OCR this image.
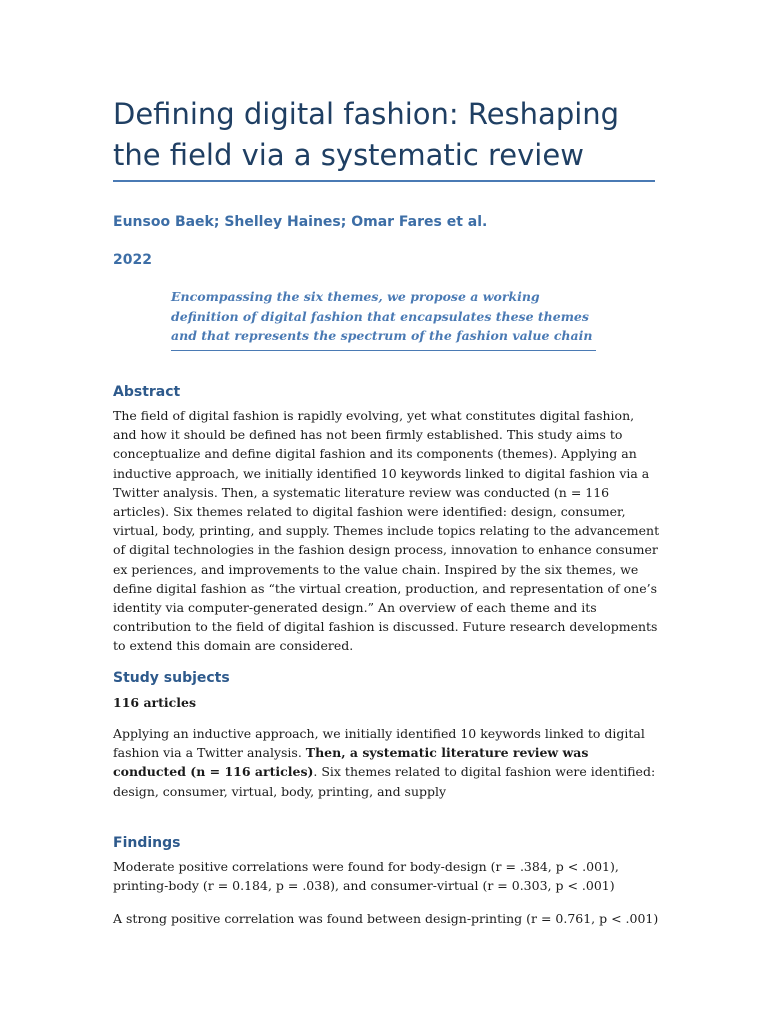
Defining digital fashion: Reshaping the field via a systematic review
Eunsoo Baek; Shelley Haines; Omar Fares et al.
2022
Encompassing the six themes, we propose a working definition of digital fashion that encapsulates these themes and that represents the spectrum of the fashion value chain
Abstract

The field of digital fashion is rapidly evolving, yet what constitutes digital fashion, and how it should be defined has not been firmly established. This study aims to conceptualize and define digital fashion and its components (themes). Applying an inductive approach, we initially identified 10 keywords linked to digital fashion via a Twitter analysis. Then, a systematic literature review was conducted (n = 116 articles). Six themes related to digital fashion were identified: design, consumer, virtual, body, printing, and supply. Themes include topics relating to the advancement of digital technologies in the fashion design process, innovation to enhance consumer ex periences, and improvements to the value chain. Inspired by the six themes, we define digital fashion as “the virtual creation, production, and representation of one’s identity via computer-generated design.” An overview of each theme and its contribution to the field of digital fashion is discussed. Future research developments to extend this domain are considered.

Study subjects

116 articles

Applying an inductive approach, we initially identified 10 keywords linked to digital fashion via a Twitter analysis. Then, a systematic literature review was conducted (n = 116 articles). Six themes related to digital fashion were identified: design, consumer, virtual, body, printing, and supply

Findings

Moderate positive correlations were found for body-design (r = .384, p < .001), printing-body (r = 0.184, p = .038), and consumer-virtual (r = 0.303, p < .001)

A strong positive correlation was found between design-printing (r = 0.761, p < .001)
